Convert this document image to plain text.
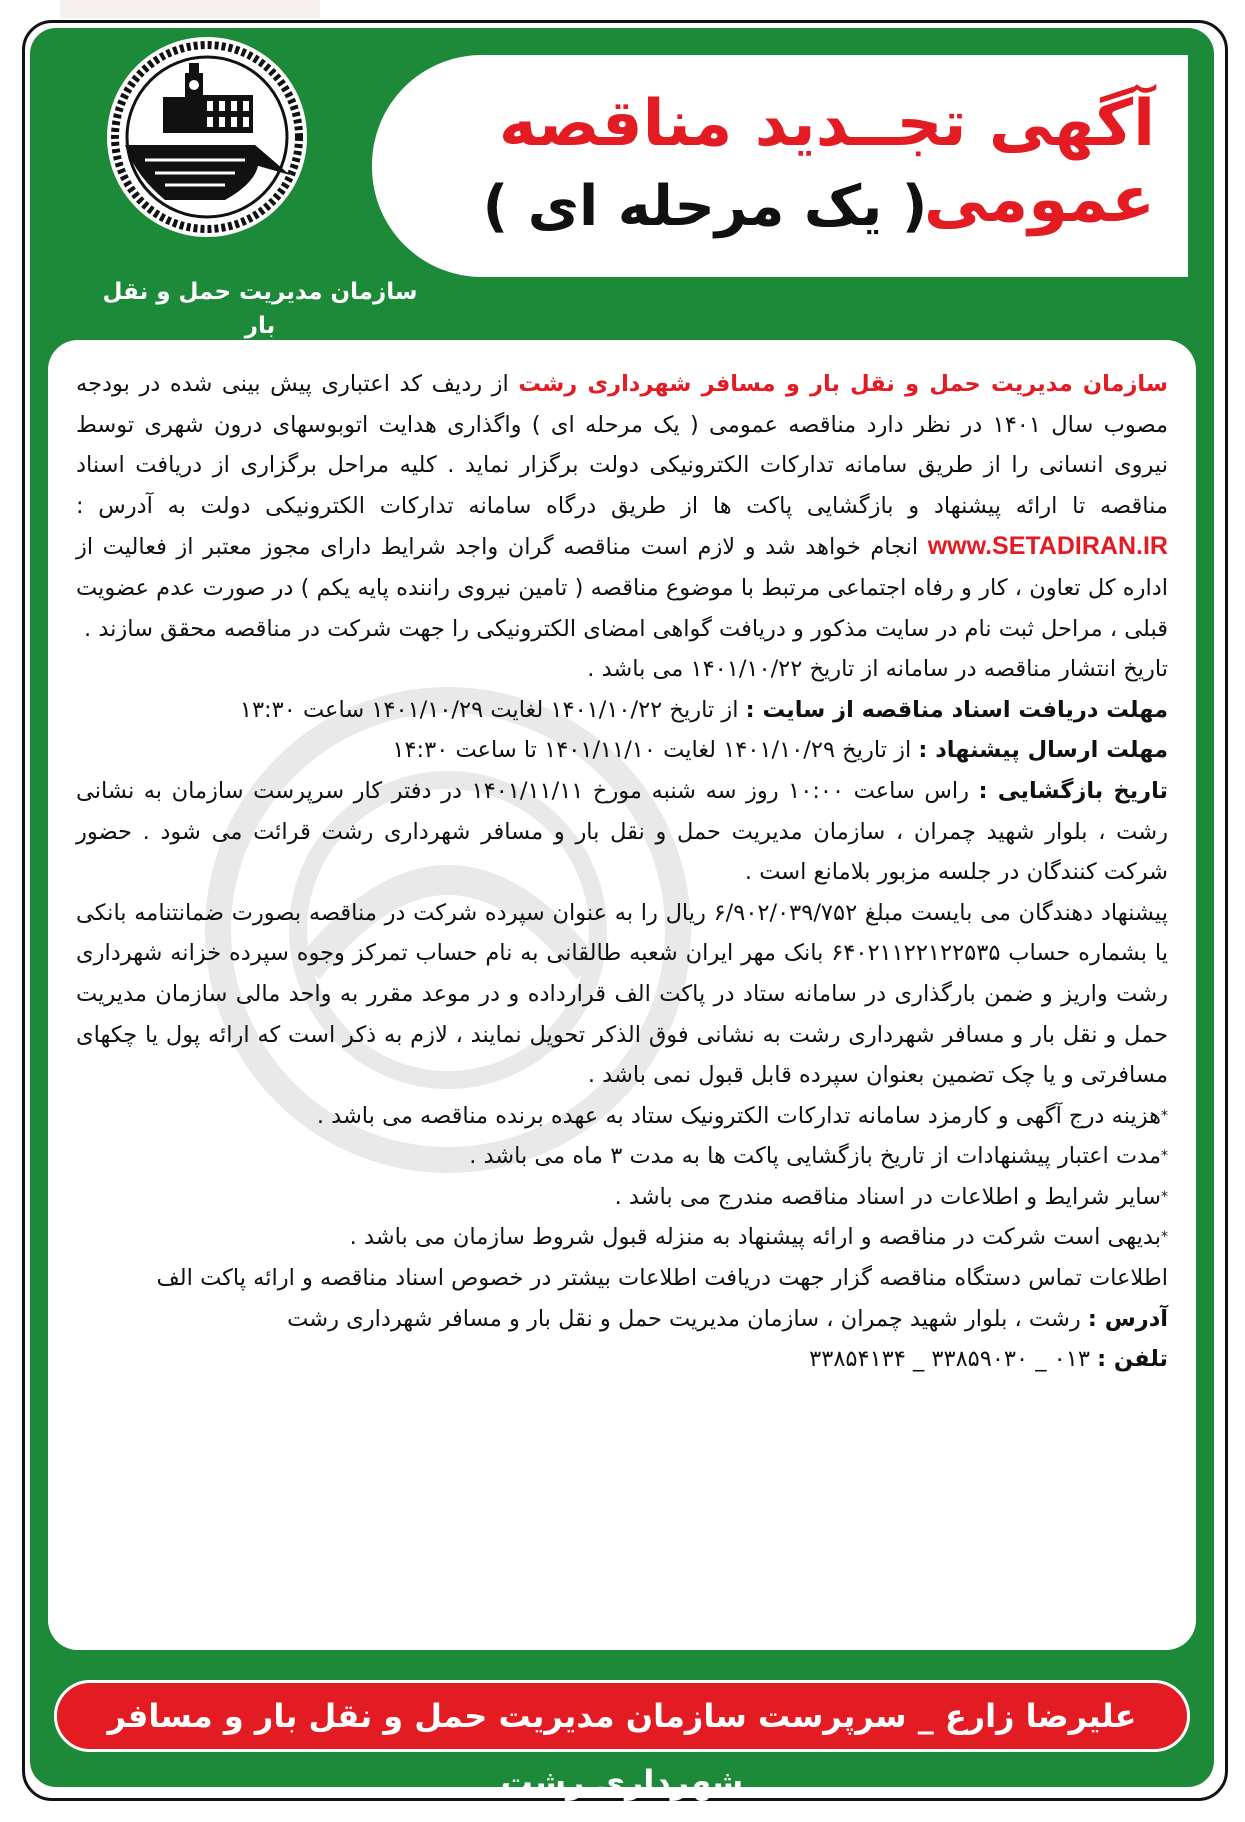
آگهی تجــدید مناقصه عمومی
( یک مرحله ای )
سازمان مدیریت حمل و نقل بار

سازمان مدیریت حمل و نقل بار و مسافر شهرداری رشت از ردیف کد اعتباری پیش بینی شده در بودجه مصوب سال ۱۴۰۱ در نظر دارد مناقصه عمومی ( یک مرحله ای ) واگذاری هدایت اتوبوسهای درون شهری توسط نیروی انسانی را از طریق سامانه تدارکات الکترونیکی دولت برگزار نماید . کلیه مراحل برگزاری از دریافت اسناد مناقصه تا ارائه پیشنهاد و بازگشایی پاکت ها از طریق درگاه سامانه تدارکات الکترونیکی دولت به آدرس : www.SETADIRAN.IR انجام خواهد شد و لازم است مناقصه گران واجد شرایط دارای مجوز معتبر از فعالیت از اداره کل تعاون ، کار و رفاه اجتماعی مرتبط با موضوع مناقصه ( تامین نیروی راننده پایه یکم ) در صورت عدم عضویت قبلی ، مراحل ثبت نام در سایت مذکور و دریافت گواهی امضای الکترونیکی را جهت شرکت در مناقصه محقق سازند .

تاریخ انتشار مناقصه در سامانه از تاریخ ۱۴۰۱/۱۰/۲۲ می باشد .

مهلت دریافت اسناد مناقصه از سایت : از تاریخ ۱۴۰۱/۱۰/۲۲ لغایت ۱۴۰۱/۱۰/۲۹ ساعت ۱۳:۳۰

مهلت ارسال پیشنهاد : از تاریخ ۱۴۰۱/۱۰/۲۹ لغایت ۱۴۰۱/۱۱/۱۰ تا ساعت ۱۴:۳۰

تاریخ بازگشایی : راس ساعت ۱۰:۰۰ روز سه شنبه مورخ ۱۴۰۱/۱۱/۱۱ در دفتر کار سرپرست سازمان به نشانی رشت ، بلوار شهید چمران ، سازمان مدیریت حمل و نقل بار و مسافر شهرداری رشت قرائت می شود . حضور شرکت کنندگان در جلسه مزبور بلامانع است .

پیشنهاد دهندگان می بایست مبلغ ۶/۹۰۲/۰۳۹/۷۵۲ ریال را به عنوان سپرده شرکت در مناقصه بصورت ضمانتنامه بانکی یا بشماره حساب ۶۴۰۲۱۱۲۲۱۲۲۵۳۵ بانک مهر ایران شعبه طالقانی به نام حساب تمرکز وجوه سپرده خزانه شهرداری رشت واریز و ضمن بارگذاری در سامانه ستاد در پاکت الف قرارداده و در موعد مقرر به واحد مالی سازمان مدیریت حمل و نقل بار و مسافر شهرداری رشت به نشانی فوق الذکر تحویل نمایند ، لازم به ذکر است که ارائه پول یا چکهای مسافرتی و یا چک تضمین بعنوان سپرده قابل قبول نمی باشد .

*هزینه درج آگهی و کارمزد سامانه تدارکات الکترونیک ستاد به عهده برنده مناقصه می باشد .

*مدت اعتبار پیشنهادات از تاریخ بازگشایی پاکت ها به مدت ۳ ماه می باشد .

*سایر شرایط و اطلاعات در اسناد مناقصه مندرج می باشد .

*بدیهی است شرکت در مناقصه و ارائه پیشنهاد به منزله قبول شروط سازمان می باشد .

اطلاعات تماس دستگاه مناقصه گزار جهت دریافت اطلاعات بیشتر در خصوص اسناد مناقصه و ارائه پاکت الف

آدرس : رشت ، بلوار شهید چمران ، سازمان مدیریت حمل و نقل بار و مسافر شهرداری رشت

تلفن : ۰۱۳ _ ۳۳۸۵۹۰۳۰ _ ۳۳۸۵۴۱۳۴

علیرضا زارع _ سرپرست سازمان مدیریت حمل و نقل بار و مسافر شهرداری رشت
